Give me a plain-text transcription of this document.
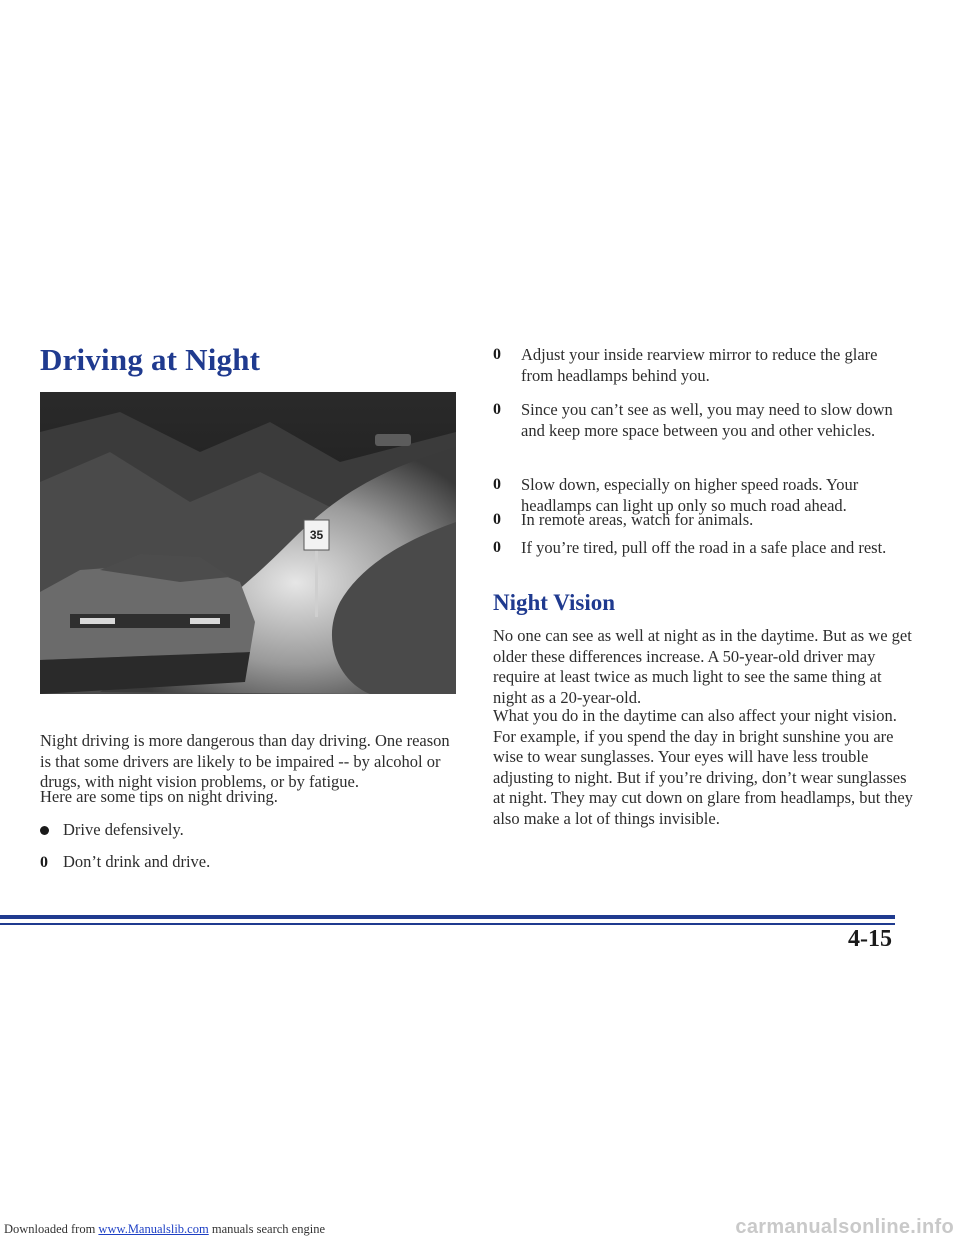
Driving at Night
35

Night driving is more dangerous than day driving. One reason is that some drivers are likely to be impaired -- by alcohol or drugs, with night vision problems, or by fatigue.

Here are some tips on night driving.

Drive defensively.
0 Don’t drink and drive.
0	Adjust your inside rearview mirror to reduce the glare from headlamps behind you.
0	Since you can’t see as well, you may need to slow down and keep more space between you and other vehicles.
0	Slow down, especially on higher speed roads. Your headlamps can light up only so much road ahead.
0	In remote areas, watch for animals.
0	If you’re tired, pull off the road in a safe place and rest.
Night Vision

No one can see as well at night as in the daytime. But as we get older these differences increase. A 50-year-old driver may require at least twice as much light to see the same thing at night as a 20-year-old.

What you do in the daytime can also affect your night vision. For example, if you spend the day in bright sunshine you are wise to wear sunglasses. Your eyes will have less trouble adjusting to night. But if you’re driving, don’t wear sunglasses at night. They may cut down on glare from headlamps, but they also make a lot of things invisible.

4-15

Downloaded from www.Manualslib.com manuals search engine	carmanualsonline.info
